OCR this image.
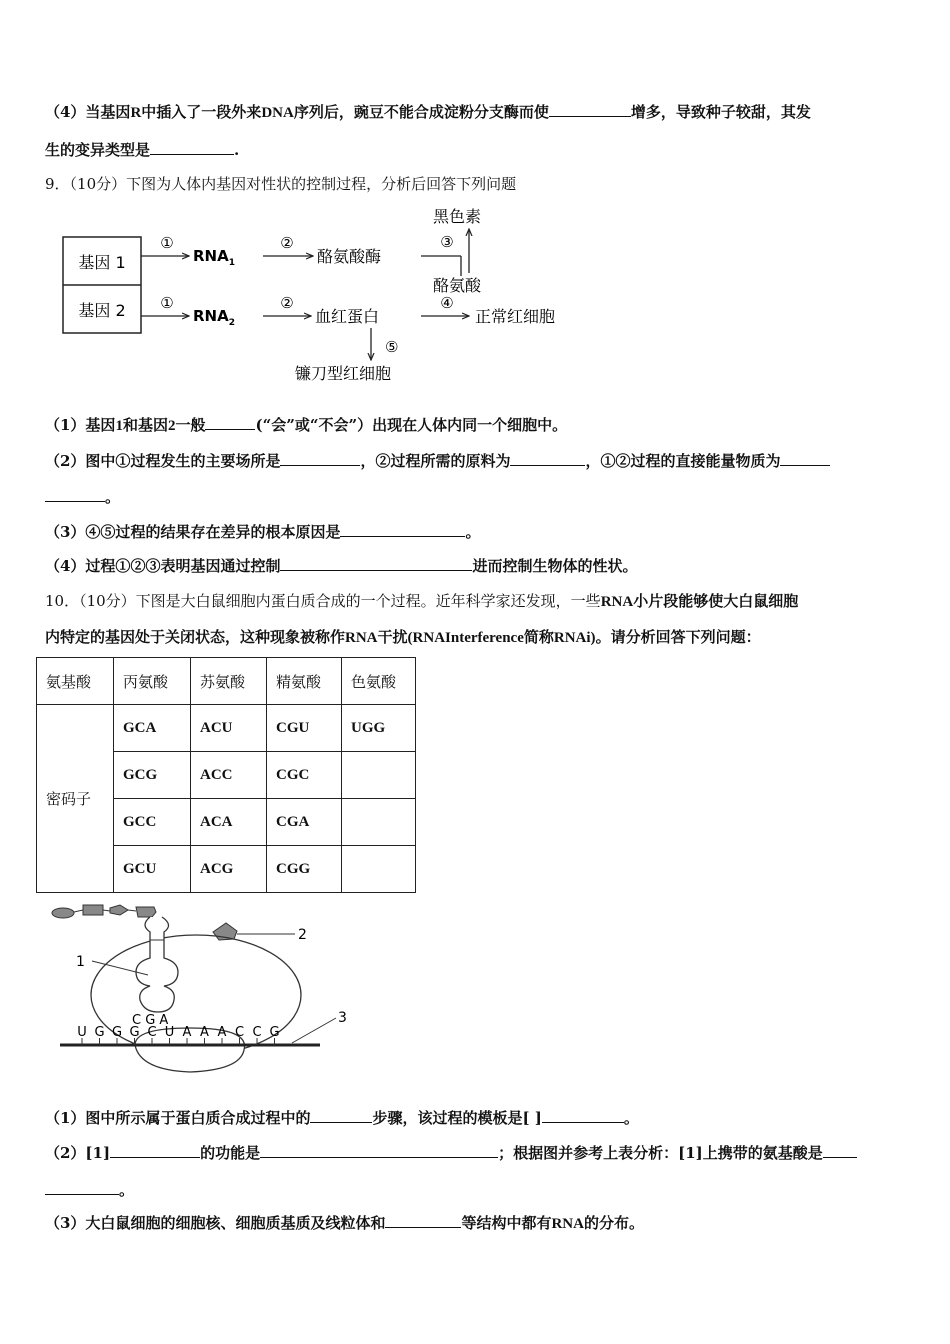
（4）当基因R中插入了一段外来DNA序列后，豌豆不能合成淀粉分支酶而使	增多，导致种子较甜，其发
生的变异类型是	.
9．（10分）下图为人体内基因对性状的控制过程，分析后回答下列问题
基因 1
基因 2
①
$RNA_1$
②
酪氨酸酶
③
黑色素
酪氨酸
①
$RNA_2$
②
血红蛋白
④
正常红细胞
⑤
镰刀型红细胞
（1）基因1和基因2一般	(“会”或“不会”）出现在人体内同一个细胞中。
（2）图中①过程发生的主要场所是	，②过程所需的原料为	，①②过程的直接能量物质为
。
（3）④⑤过程的结果存在差异的根本原因是	。
（4）过程①②③表明基因通过控制	进而控制生物体的性状。
10．（10分）下图是大白鼠细胞内蛋白质合成的一个过程。近年科学家还发现，一些RNA小片段能够使大白鼠细胞
内特定的基因处于关闭状态，这种现象被称作RNA干扰(RNAInterference简称RNAi)。请分析回答下列问题：
氨基酸	丙氨酸	苏氨酸	精氨酸	色氨酸
密码子	GCA	ACU	CGU	UGG
	GCG	ACC	CGC	
	GCC	ACA	CGA	
	GCU	ACG	CGG	
2
1
C G A
U G G G C U A A A C C G
3
（1）图中所示属于蛋白质合成过程中的	步骤，该过程的模板是[ ]	。
（2）[1]	的功能是	；根据图并参考上表分析：[1]上携带的氨基酸是
。
（3）大白鼠细胞的细胞核、细胞质基质及线粒体和	等结构中都有RNA的分布。
